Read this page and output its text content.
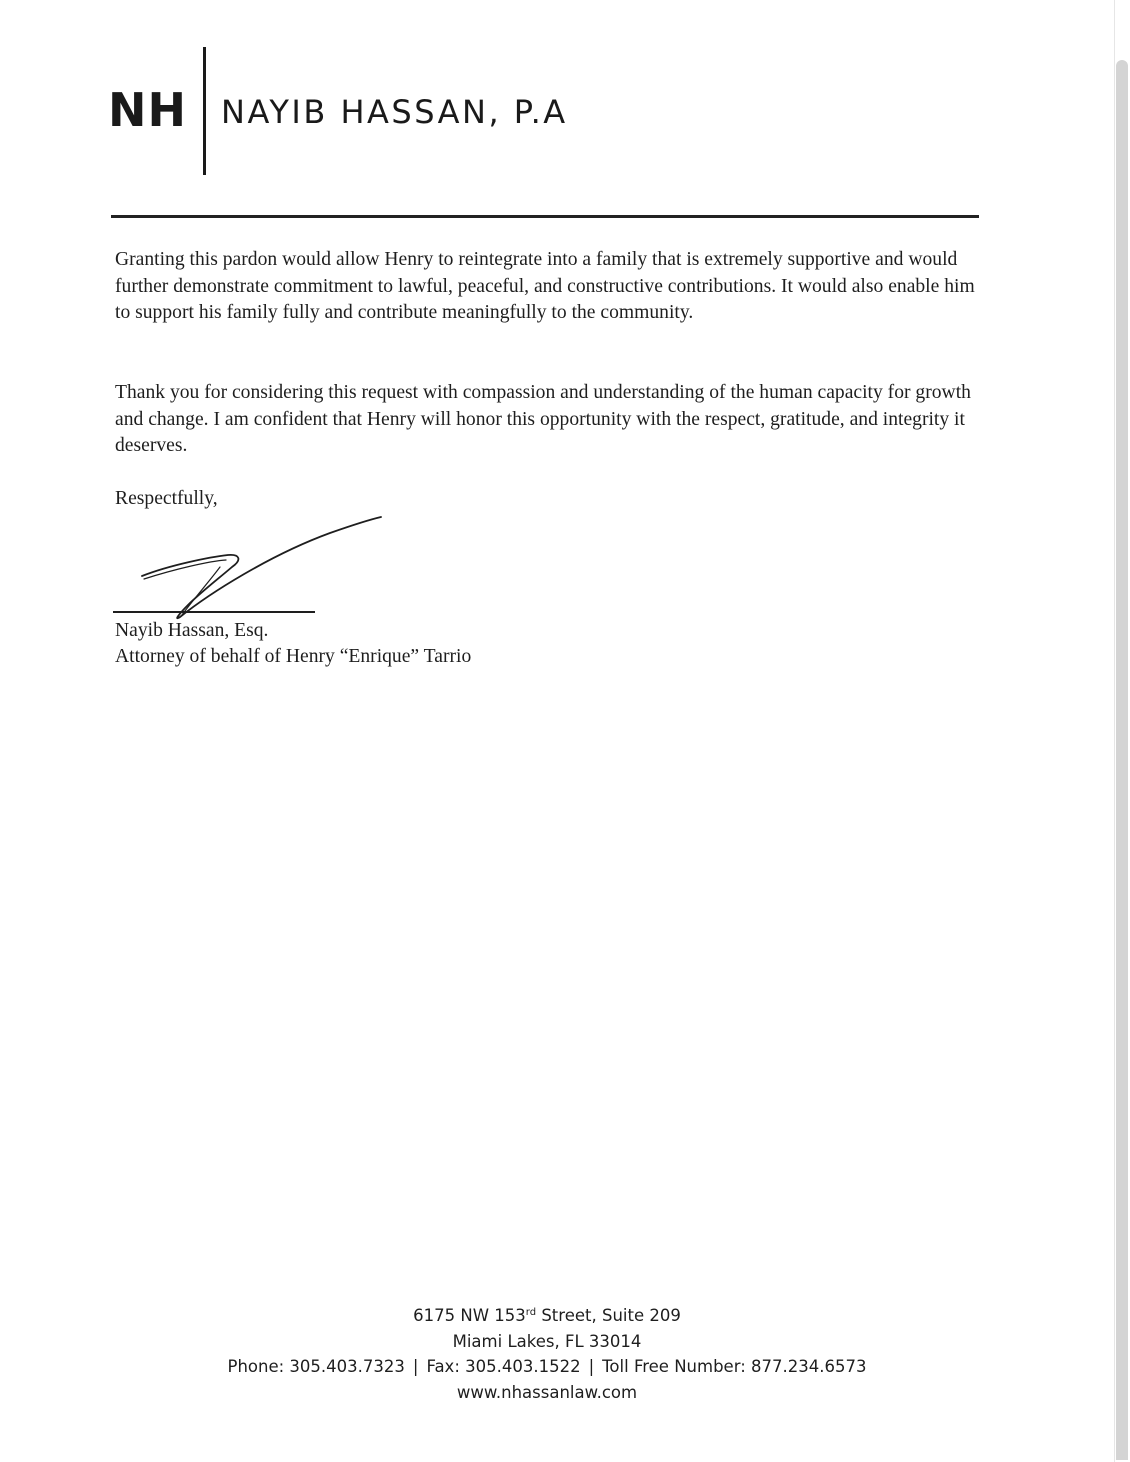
NH NAYIB HASSAN, P.A

Granting this pardon would allow Henry to reintegrate into a family that is extremely supportive and would further demonstrate commitment to lawful, peaceful, and constructive contributions. It would also enable him to support his family fully and contribute meaningfully to the community.

Thank you for considering this request with compassion and understanding of the human capacity for growth and change. I am confident that Henry will honor this opportunity with the respect, gratitude, and integrity it deserves.

Respectfully,

Nayib Hassan, Esq.
Attorney of behalf of Henry “Enrique” Tarrio
6175 NW 153rd Street, Suite 209
Miami Lakes, FL 33014
Phone: 305.403.7323 | Fax: 305.403.1522 | Toll Free Number: 877.234.6573
www.nhassanlaw.com
